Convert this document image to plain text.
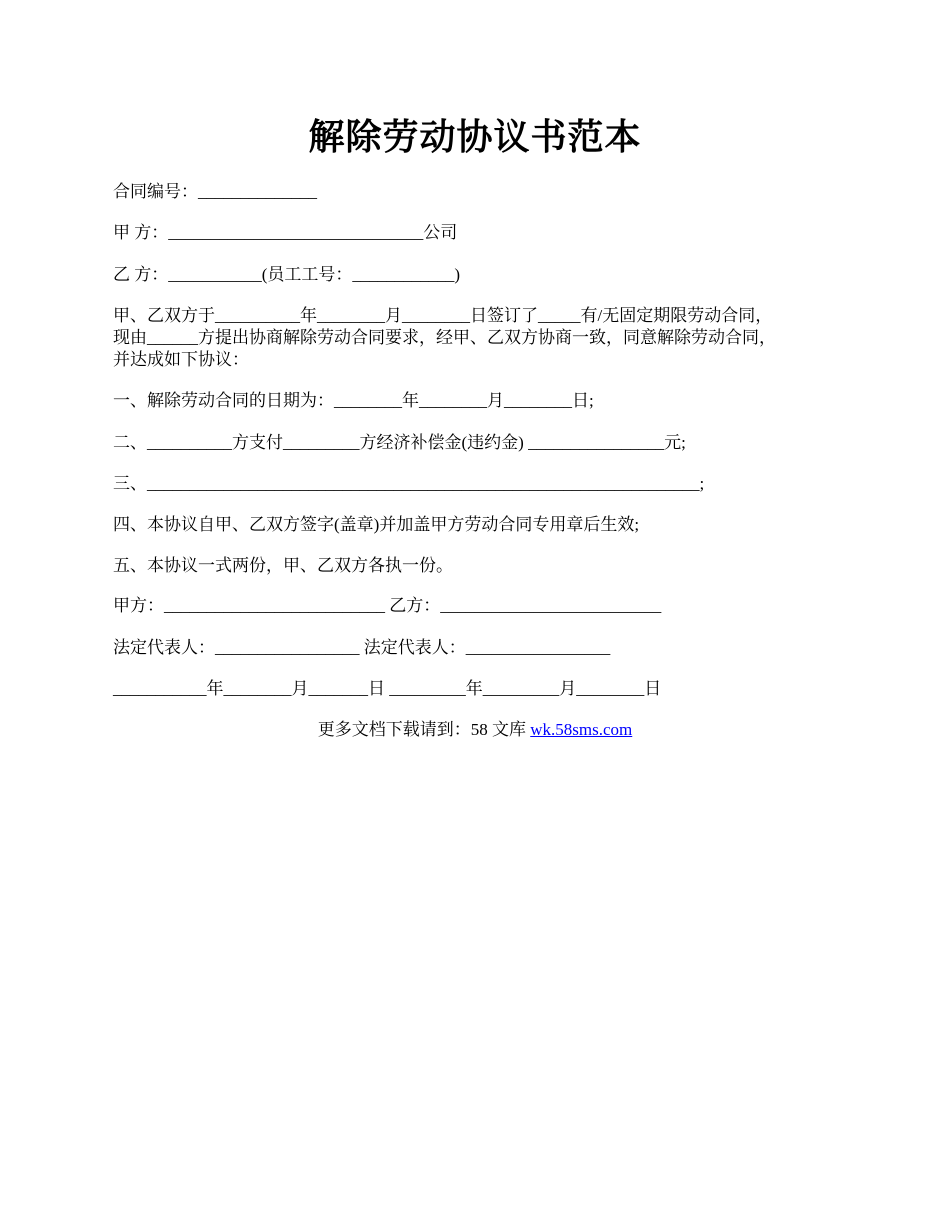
解除劳动协议书范本
合同编号：______________
甲 方：______________________________公司
乙 方：___________(员工工号：____________)
甲、乙双方于__________年________月________日签订了_____有/无固定期限劳动合同，
现由______方提出协商解除劳动合同要求，经甲、乙双方协商一致，同意解除劳动合同，
并达成如下协议：
一、解除劳动合同的日期为：________年________月________日;
二、__________方支付_________方经济补偿金(违约金) ________________元;
三、_________________________________________________________________;
四、本协议自甲、乙双方签字(盖章)并加盖甲方劳动合同专用章后生效;
五、本协议一式两份，甲、乙双方各执一份。
甲方：__________________________ 乙方：__________________________
法定代表人：_________________ 法定代表人：_________________
___________年________月_______日 _________年_________月________日
更多文档下载请到：58 文库 wk.58sms.com
